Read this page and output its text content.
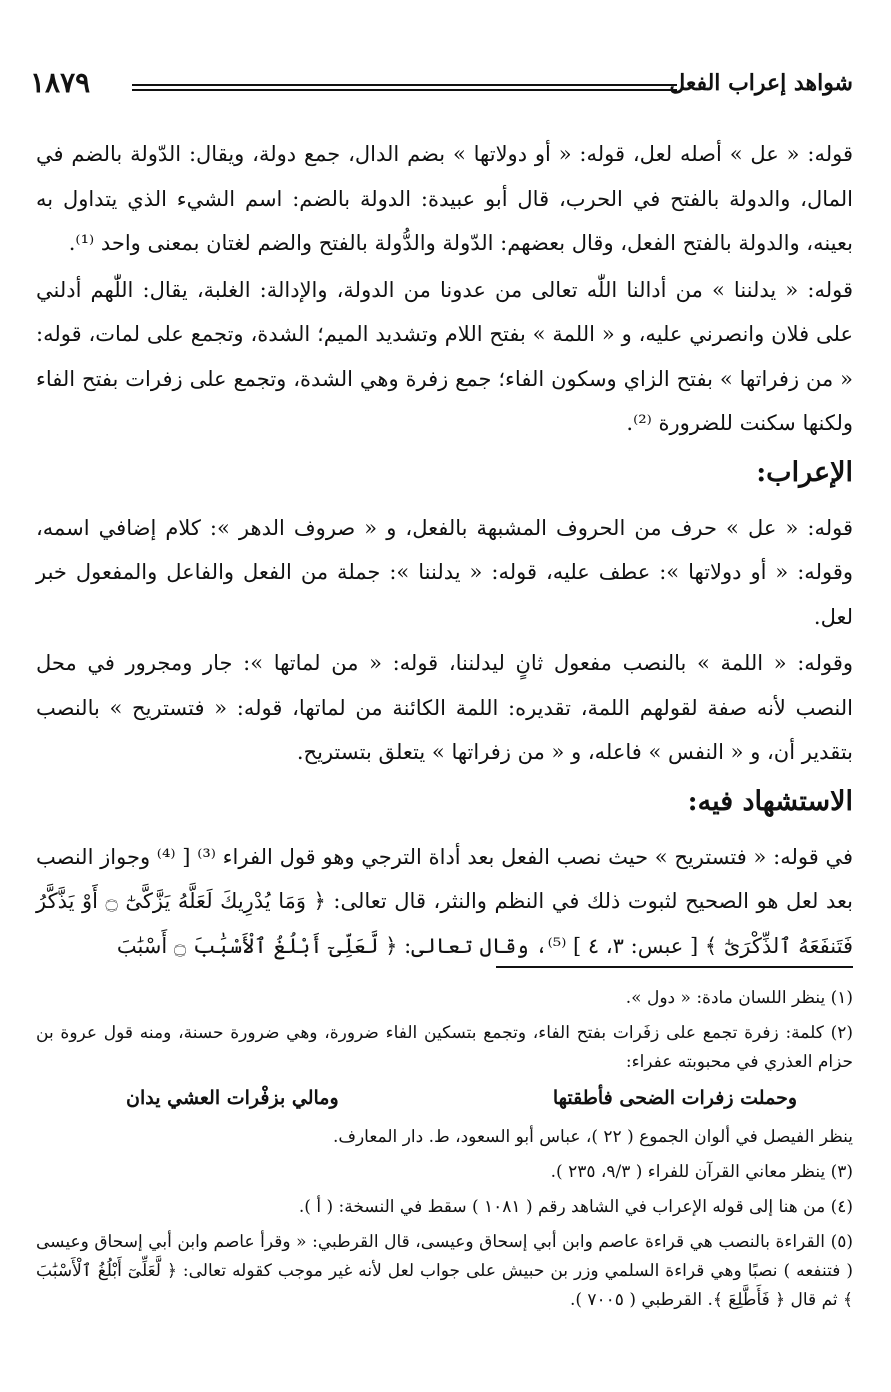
شواهد إعراب الفعل
١٨٧٩

قوله: « عل » أصله لعل، قوله: « أو دولاتها » بضم الدال، جمع دولة، ويقال: الدّولة بالضم في المال، والدولة بالفتح في الحرب، قال أبو عبيدة: الدولة بالضم: اسم الشيء الذي يتداول به بعينه، والدولة بالفتح الفعل، وقال بعضهم: الدّولة والدُّولة بالفتح والضم لغتان بمعنى واحد ⁽¹⁾.

قوله: « يدلننا » من أدالنا اللّٰه تعالى من عدونا من الدولة، والإدالة: الغلبة، يقال: اللّٰهم أدلني على فلان وانصرني عليه، و « اللمة » بفتح اللام وتشديد الميم؛ الشدة، وتجمع على لمات، قوله: « من زفراتها » بفتح الزاي وسكون الفاء؛ جمع زفرة وهي الشدة، وتجمع على زفرات بفتح الفاء ولكنها سكنت للضرورة ⁽²⁾.

الإعراب:

قوله: « عل » حرف من الحروف المشبهة بالفعل، و « صروف الدهر »: كلام إضافي اسمه، وقوله: « أو دولاتها »: عطف عليه، قوله: « يدلننا »: جملة من الفعل والفاعل والمفعول خبر لعل.

وقوله: « اللمة » بالنصب مفعول ثانٍ ليدلننا، قوله: « من لماتها »: جار ومجرور في محل النصب لأنه صفة لقولهم اللمة، تقديره: اللمة الكائنة من لماتها، قوله: « فتستريح » بالنصب بتقدير أن، و « النفس » فاعله، و « من زفراتها » يتعلق بتستريح.

الاستشهاد فيه:

في قوله: « فتستريح » حيث نصب الفعل بعد أداة الترجي وهو قول الفراء ⁽³⁾ [ ⁽⁴⁾ وجواز النصب بعد لعل هو الصحيح لثبوت ذلك في النظم والنثر، قال تعالى: ﴿ وَمَا يُدْرِيكَ لَعَلَّهُ يَزَّكَّىٰٓ ۝ أَوْ يَذَّكَّرُ فَتَنفَعَهُ ٱلذِّكْرَىٰٓ ﴾ [ عبس: ٣، ٤ ] ⁽⁵⁾، وقال تعالى: ﴿ لَّعَلِّىٓ أَبْلُغُ ٱلْأَسْبَٰبَ ۝ أَسْبَٰبَ

(١) ينظر اللسان مادة: « دول ».

(٢) كلمة: زفرة تجمع على زفَرات بفتح الفاء، وتجمع بتسكين الفاء ضرورة، وهي ضرورة حسنة، ومنه قول عروة بن حزام العذري في محبوبته عفراء:

وحملت زفرات الضحى فأطقتها
ومالي بزفْرات العشي يدان

ينظر الفيصل في ألوان الجموع ( ٢٢ )، عباس أبو السعود، ط. دار المعارف.

(٣) ينظر معاني القرآن للفراء ( ٩/٣، ٢٣٥ ).

(٤) من هنا إلى قوله الإعراب في الشاهد رقم ( ١٠٨١ ) سقط في النسخة: ( أ ).

(٥) القراءة بالنصب هي قراءة عاصم وابن أبي إسحاق وعيسى، قال القرطبي: « وقرأ عاصم وابن أبي إسحاق وعيسى ( فتنفعه ) نصبًا وهي قراءة السلمي وزر بن حبيش على جواب لعل لأنه غير موجب كقوله تعالى: ﴿ لَّعَلِّىٓ أَبْلُغُ ٱلْأَسْبَٰبَ ﴾ ثم قال ﴿ فَأَطَّلِعَ ﴾. القرطبي ( ٧٠٠٥ ).
